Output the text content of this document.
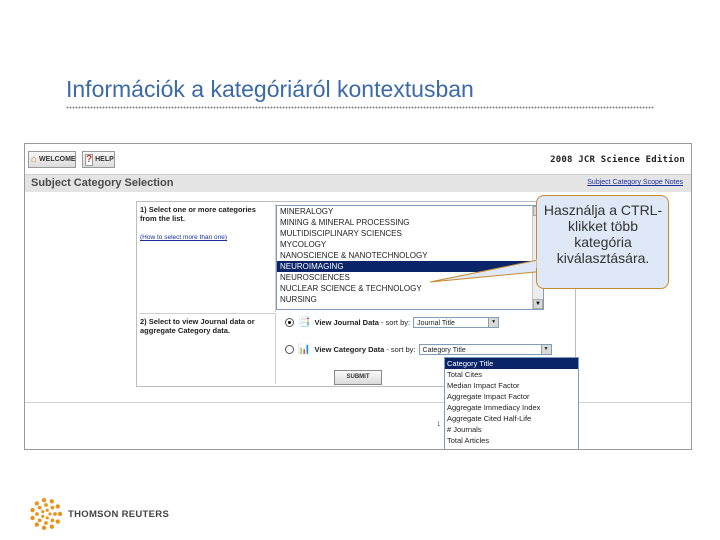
Információk a kategóriáról kontextusban
⌂ WELCOME ? HELP	2008 JCR Science Edition
Subject Category Selection	Subject Category Scope Notes
1) Select one or more categories from the list.
(How to select more than one)
MINERALOGY
MINING & MINERAL PROCESSING
MULTIDISCIPLINARY SCIENCES
MYCOLOGY
NANOSCIENCE & NANOTECHNOLOGY
NEUROIMAGING
NEUROSCIENCES
NUCLEAR SCIENCE & TECHNOLOGY
NURSING	▼
2) Select to view Journal data or aggregate Category data.
📑 View Journal Data - sort by:	Journal Title	▼
📊 View Category Data - sort by:	Category Title	▼
SUBMIT
1
Category Title
Total Cites
Median Impact Factor
Aggregate Impact Factor
Aggregate Immediacy Index
Aggregate Cited Half-Life
# Journals
Total Articles
Használja a CTRL-klikket több kategória kiválasztására.
THOMSON REUTERS
